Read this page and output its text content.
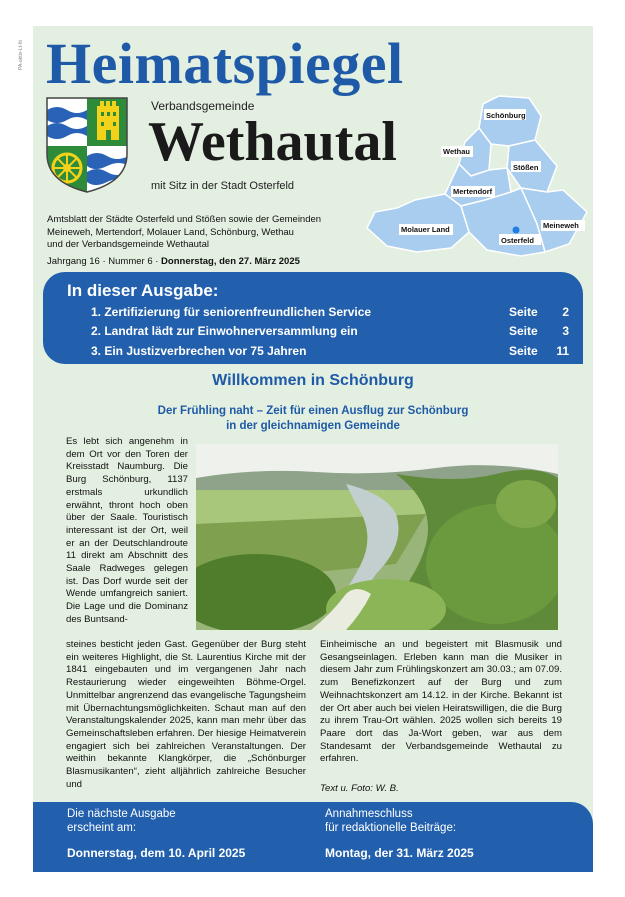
PA-aktiv-Lt-fö Heimatspiegel
Verbandsgemeinde
Wethautal
mit Sitz in der Stadt Osterfeld
Schönburg
Wethau
Stößen
Mertendorf
Meineweh
Molauer Land
Osterfeld
Amtsblatt der Städte Osterfeld und Stößen sowie der Gemeinden
Meineweh, Mertendorf, Molauer Land, Schönburg, Wethau
und der Verbandsgemeinde Wethautal
Jahrgang 16 · Nummer 6 · Donnerstag, den 27. März 2025
In dieser Ausgabe:
1. Zertifizierung für seniorenfreundlichen Service	Seite 2
2. Landrat lädt zur Einwohnerversammlung ein	Seite 3
3. Ein Justizverbrechen vor 75 Jahren	Seite 11
Willkommen in Schönburg
Der Frühling naht – Zeit für einen Ausflug zur Schönburg
in der gleichnamigen Gemeinde
Es lebt sich angenehm in dem Ort vor den Toren der Kreisstadt Naumburg. Die Burg Schönburg, 1137 erstmals urkundlich erwähnt, thront hoch oben über der Saale. Touristisch interessant ist der Ort, weil er an der Deutschlandroute 11 direkt am Abschnitt des Saale Radweges gelegen ist. Das Dorf wurde seit der Wende umfangreich saniert. Die Lage und die Dominanz des Buntsand-
steines besticht jeden Gast. Gegenüber der Burg steht ein weiteres Highlight, die St. Laurentius Kirche mit der 1841 eingebauten und im vergangenen Jahr nach Restaurierung wieder eingeweihten Böhme-Orgel. Unmittelbar angrenzend das evangelische Tagungsheim mit Übernachtungsmöglichkeiten. Schaut man auf den Veranstaltungskalender 2025, kann man mehr über das Gemeinschaftsleben erfahren. Der hiesige Heimatverein engagiert sich bei zahlreichen Veranstaltungen. Der weithin bekannte Klangkörper, die „Schönburger Blasmusikanten“, zieht alljährlich zahlreiche Besucher und
Einheimische an und begeistert mit Blasmusik und Gesangseinlagen. Erleben kann man die Musiker in diesem Jahr zum Frühlingskonzert am 30.03.; am 07.09. zum Benefizkonzert auf der Burg und zum Weihnachtskonzert am 14.12. in der Kirche. Bekannt ist der Ort aber auch bei vielen Heiratswilligen, die die Burg zu ihrem Trau-Ort wählen. 2025 wollen sich bereits 19 Paare dort das Ja-Wort geben, war aus dem Standesamt der Verbandsgemeinde Wethautal zu erfahren.
Text u. Foto: W. B.
Die nächste Ausgabe
erscheint am:
Donnerstag, dem 10. April 2025
Annahmeschluss
für redaktionelle Beiträge:
Montag, der 31. März 2025
